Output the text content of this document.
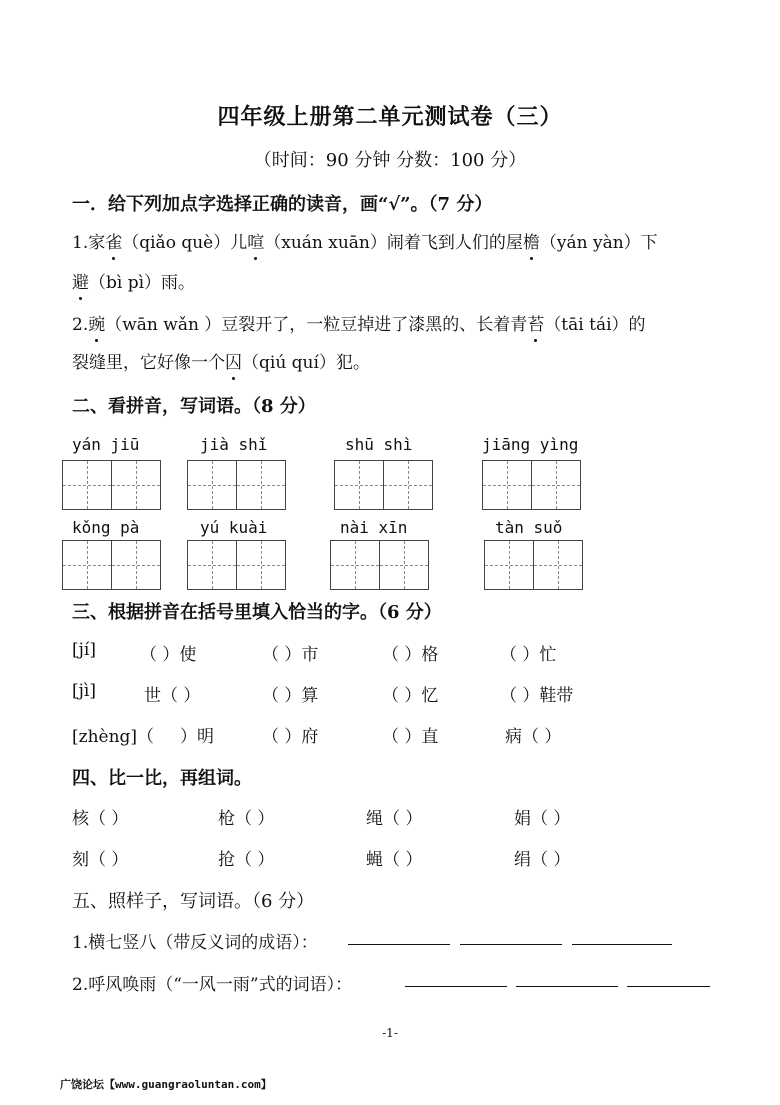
四年级上册第二单元测试卷（三）
（时间：90 分钟 分数：100 分）
一．给下列加点字选择正确的读音，画“√”。（7 分）
1.家雀（qiǎo què）儿喧（xuán xuān）闹着飞到人们的屋檐（yán yàn）下
避（bì pì）雨。
2.豌（wān wǎn ）豆裂开了，一粒豆掉进了漆黑的、长着青苔（tāi tái）的
裂缝里，它好像一个囚（qiú quí）犯。
二、看拼音，写词语。（8 分）
yán jiū	jià shǐ	shū shì	jiāng yìng
kǒng pà	yú kuài	nài xīn	tàn suǒ
三、根据拼音在括号里填入恰当的字。（6 分）
[jí]	（ ）使	（ ）市	（ ）格	（ ）忙
[jì]	世（ ）	（ ）算	（ ）忆	（ ）鞋带
[zhèng]（ ）明	（ ）府	（ ）直	病（ ）
四、比一比，再组词。
核（ ）	枪（ ）	绳（ ）	娟（ ）
刻（ ）	抢（ ）	蝇（ ）	绢（ ）
五、照样子，写词语。（6 分）
1.横七竖八（带反义词的成语）：
2.呼风唤雨（“一风一雨”式的词语）：
-1-
广饶论坛【www.guangraoluntan.com】
